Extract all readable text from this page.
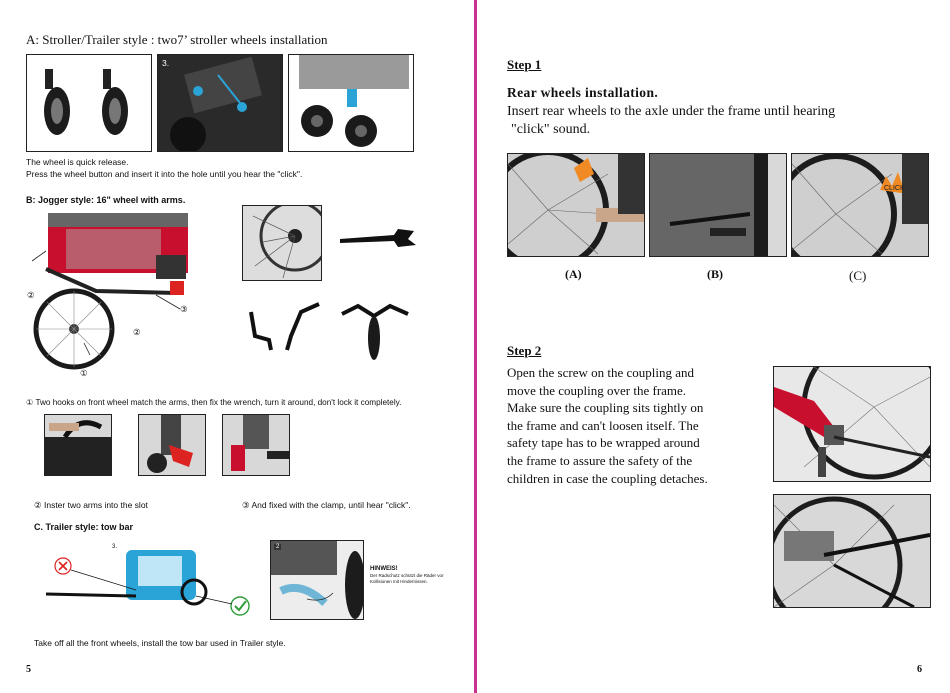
A: Stroller/Trailer style : two7’ stroller wheels installation
3.
The wheel is quick release.
Press the wheel button and insert it into the hole until you hear the "click".
B: Jogger style: 16" wheel with arms.
②
③
②
①
① Two hooks on front wheel match the arms, then fix the wrench, turn it around, don't lock it completely.
② Inster two arms into the slot	③ And fixed with the clamp, until hear "click".
C. Trailer style: tow bar
3.	2
HINWEIS!
Der Radschutz schützt die Räder vor Kollisionen mit Hindernissen.
Take off all the front wheels, install the tow bar used in Trailer style.
5
Step 1
Rear wheels installation.
Insert rear wheels to the axle under the frame until hearing
"click" sound.
CLICK
(A)	(B)	(C)
Step 2
Open the screw on the coupling and
move the coupling over the frame.
Make sure the coupling sits tightly on
the frame and can't loosen itself. The
safety tape has to be wrapped around
the frame to assure the safety of the
children in case the coupling detaches.
6
